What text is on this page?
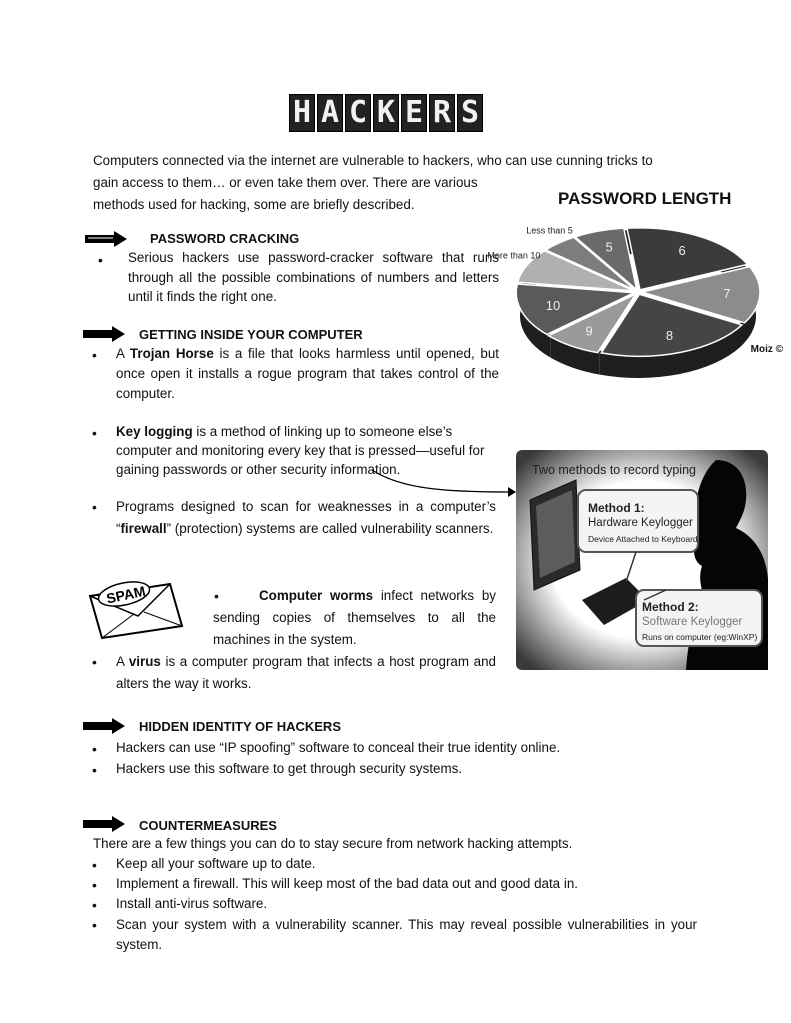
H A C K E R S
Computers connected via the internet are vulnerable to hackers, who can use cunning tricks to
gain access to them… or even take them over. There are various
methods used for hacking, some are briefly described.
PASSWORD CRACKING
• Serious hackers use password-cracker software that runs through all the possible combinations of numbers and letters until it finds the right one.
GETTING INSIDE YOUR COMPUTER
• A Trojan Horse is a file that looks harmless until opened, but once open it installs a rogue program that takes control of the computer.
• Key logging is a method of linking up to someone else’s computer and monitoring every key that is pressed—useful for gaining passwords or other security information.
• Programs designed to scan for weaknesses in a computer’s “firewall” (protection) systems are called vulnerability scanners.
SPAM	•	Computer worms infect networks by sending copies of themselves to all the machines in the system.
• A virus is a computer program that infects a host program and alters the way it works.
HIDDEN IDENTITY OF HACKERS
• Hackers can use “IP spoofing” software to conceal their true identity online.
• Hackers use this software to get through security systems.
COUNTERMEASURES
There are a few things you can do to stay secure from network hacking attempts.
• Keep all your software up to date.
• Implement a firewall. This will keep most of the bad data out and good data in.
• Install anti-virus software.
• Scan your system with a vulnerability scanner. This may reveal possible vulnerabilities in your system.
PASSWORD LENGTH
5	6
7
8
9
10
More than 10
Less than 5
Moiz ©
Two methods to record typing
Method 1:
Hardware Keylogger
Device Attached to Keyboard.
Method 2:
Software Keylogger
Runs on computer (eg:WinXP)
